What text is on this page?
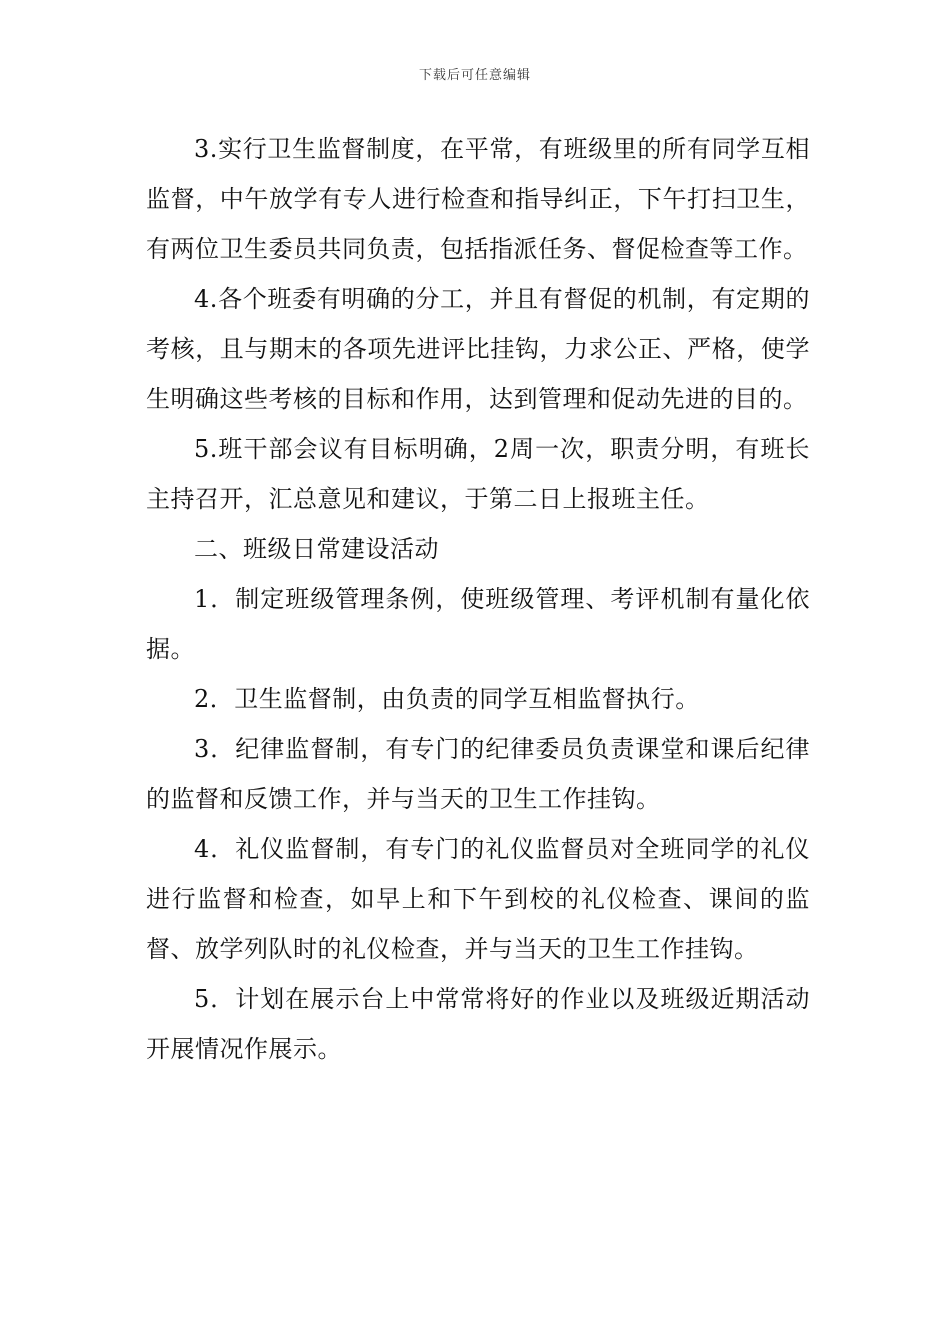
下载后可任意编辑

3.实行卫生监督制度，在平常，有班级里的所有同学互相监督，中午放学有专人进行检查和指导纠正，下午打扫卫生，有两位卫生委员共同负责，包括指派任务、督促检查等工作。

4.各个班委有明确的分工，并且有督促的机制，有定期的考核，且与期末的各项先进评比挂钩，力求公正、严格，使学生明确这些考核的目标和作用，达到管理和促动先进的目的。

5.班干部会议有目标明确，2周一次，职责分明，有班长主持召开，汇总意见和建议，于第二日上报班主任。

二、班级日常建设活动

1．制定班级管理条例，使班级管理、考评机制有量化依据。

2．卫生监督制，由负责的同学互相监督执行。

3．纪律监督制，有专门的纪律委员负责课堂和课后纪律的监督和反馈工作，并与当天的卫生工作挂钩。

4．礼仪监督制，有专门的礼仪监督员对全班同学的礼仪进行监督和检查，如早上和下午到校的礼仪检查、课间的监督、放学列队时的礼仪检查，并与当天的卫生工作挂钩。

5．计划在展示台上中常常将好的作业以及班级近期活动开展情况作展示。
